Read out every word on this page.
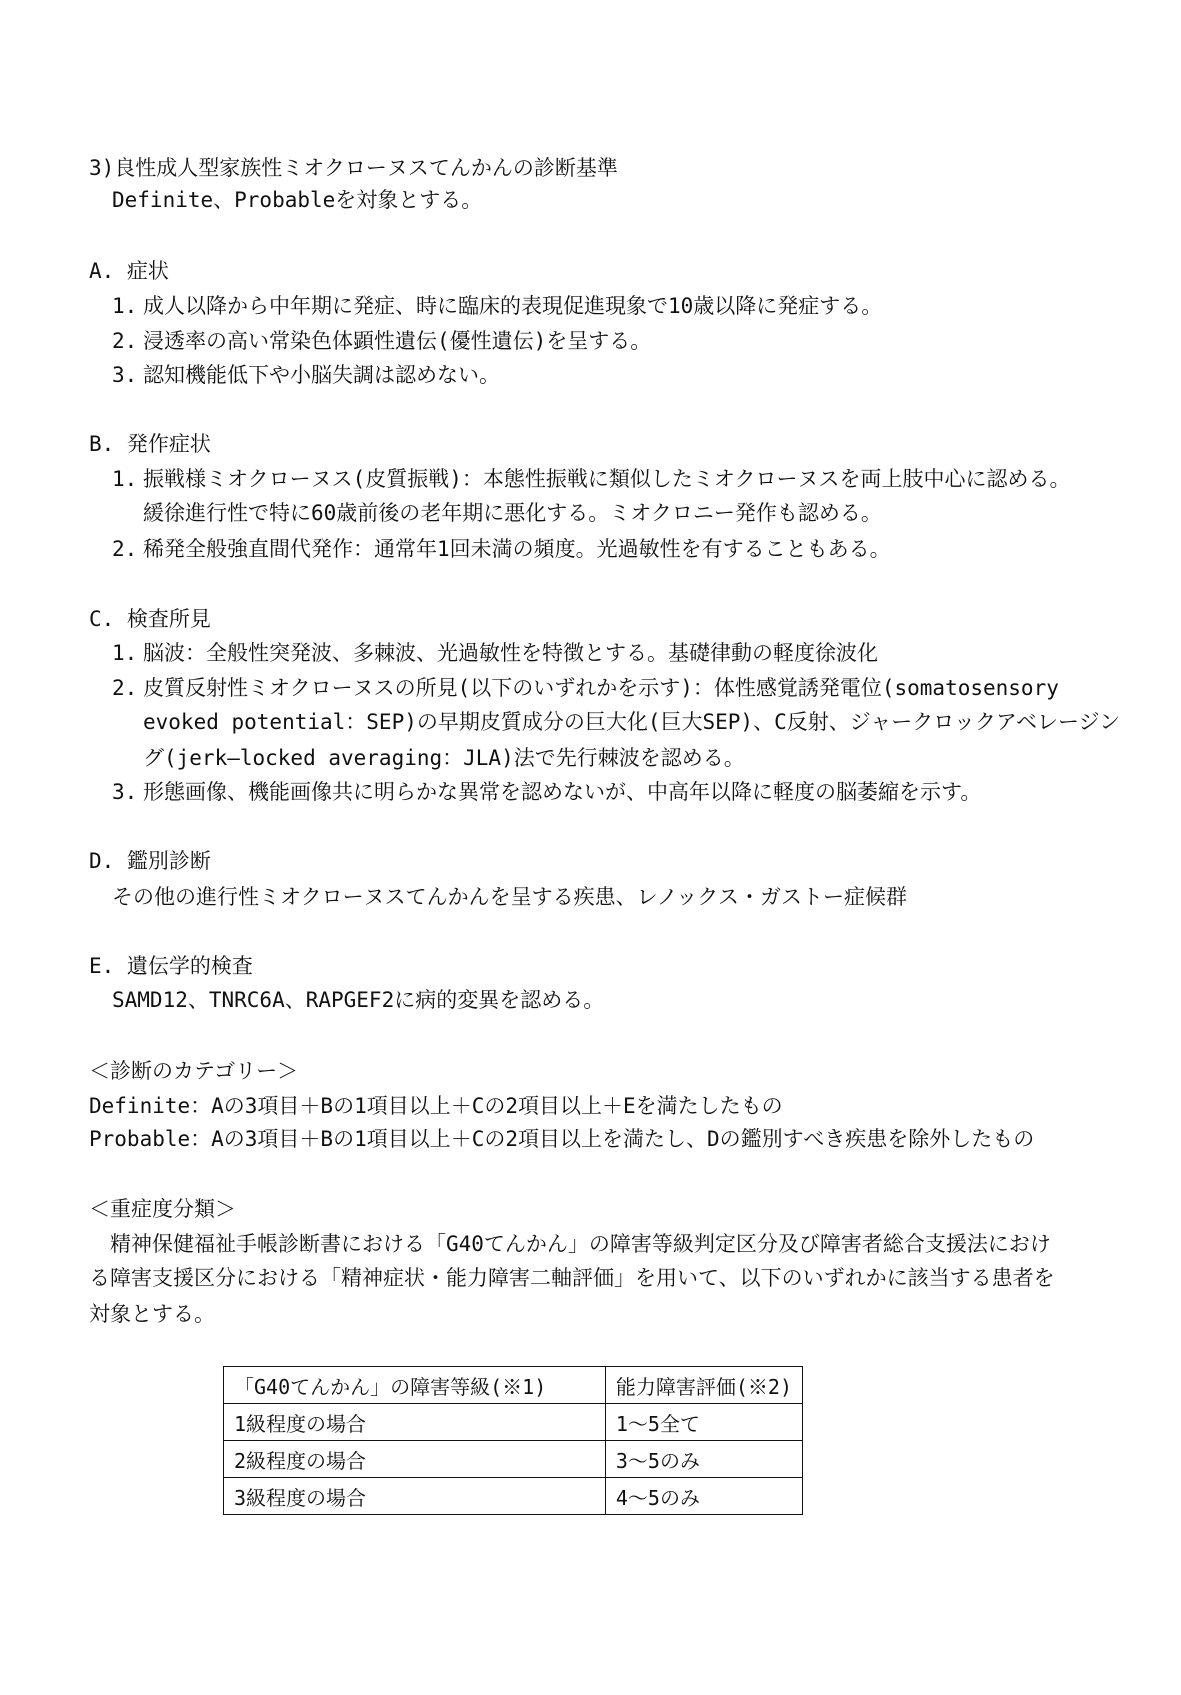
3)良性成人型家族性ミオクローヌスてんかんの診断基準
Definite、Probableを対象とする。
A. 症状
1. 成人以降から中年期に発症、時に臨床的表現促進現象で10歳以降に発症する。
2. 浸透率の高い常染色体顕性遺伝(優性遺伝)を呈する。
3. 認知機能低下や小脳失調は認めない。
B. 発作症状
1. 振戦様ミオクローヌス(皮質振戦)：本態性振戦に類似したミオクローヌスを両上肢中心に認める。
緩徐進行性で特に60歳前後の老年期に悪化する。ミオクロニー発作も認める。
2. 稀発全般強直間代発作：通常年1回未満の頻度。光過敏性を有することもある。
C. 検査所見
1. 脳波：全般性突発波、多棘波、光過敏性を特徴とする。基礎律動の軽度徐波化
2. 皮質反射性ミオクローヌスの所見(以下のいずれかを示す)：体性感覚誘発電位(somatosensory
evoked potential：SEP)の早期皮質成分の巨大化(巨大SEP)、C反射、ジャークロックアベレージン
グ(jerk—locked averaging：JLA)法で先行棘波を認める。
3. 形態画像、機能画像共に明らかな異常を認めないが、中高年以降に軽度の脳萎縮を示す。
D. 鑑別診断
その他の進行性ミオクローヌスてんかんを呈する疾患、レノックス・ガストー症候群
E. 遺伝学的検査
SAMD12、TNRC6A、RAPGEF2に病的変異を認める。
＜診断のカテゴリー＞
Definite：Aの3項目＋Bの1項目以上＋Cの2項目以上＋Eを満たしたもの
Probable：Aの3項目＋Bの1項目以上＋Cの2項目以上を満たし、Dの鑑別すべき疾患を除外したもの
＜重症度分類＞
　精神保健福祉手帳診断書における「G40てんかん」の障害等級判定区分及び障害者総合支援法におけ
る障害支援区分における「精神症状・能力障害二軸評価」を用いて、以下のいずれかに該当する患者を
対象とする。
「G40てんかん」の障害等級(※1)	能力障害評価(※2)
1級程度の場合	1～5全て
2級程度の場合	3～5のみ
3級程度の場合	4～5のみ
